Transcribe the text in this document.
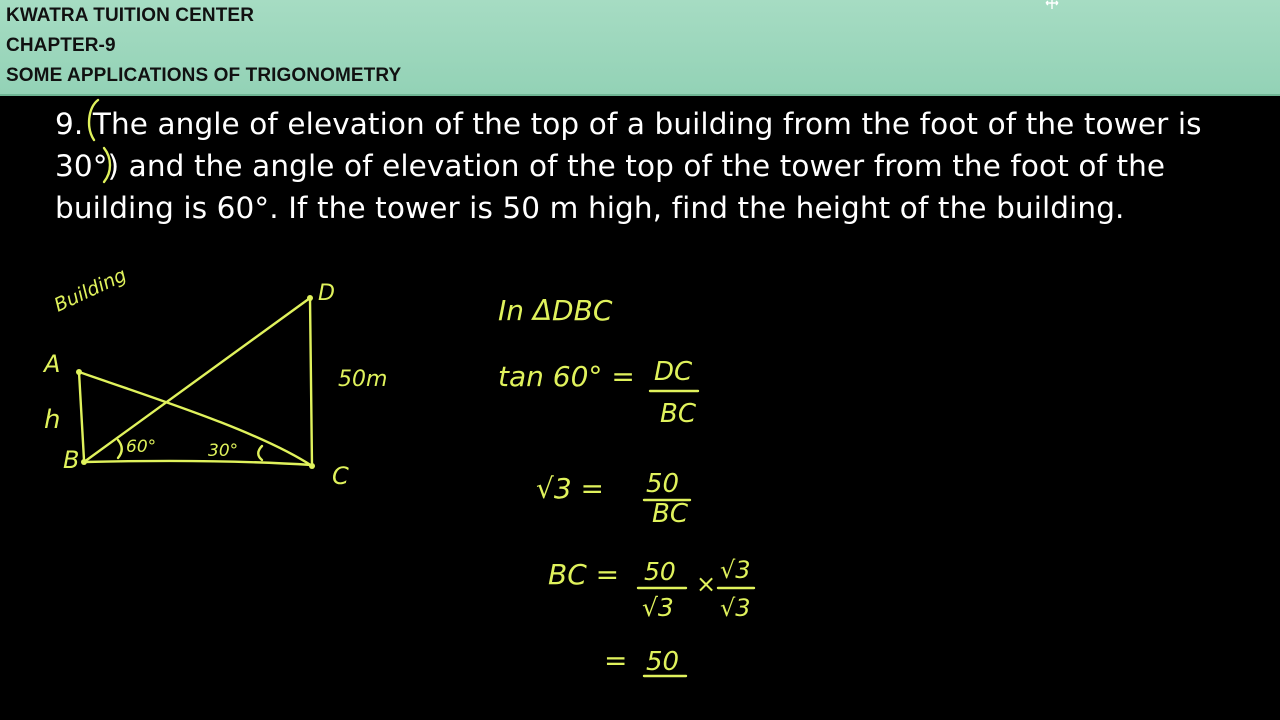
KWATRA TUITION CENTER
CHAPTER-9
SOME APPLICATIONS OF TRIGONOMETRY
9. The angle of elevation of the top of a building from the foot of the tower is
30°) and the angle of elevation of the top of the tower from the foot of the
building is 60°. If the tower is 50 m high, find the height of the building.
Building
A
B
C
D
h
50m
60°	30°
In ΔDBC
tan 60° = DC
BC
√3 = 50
BC
BC = 50
√3
× √3
√3
= 50
